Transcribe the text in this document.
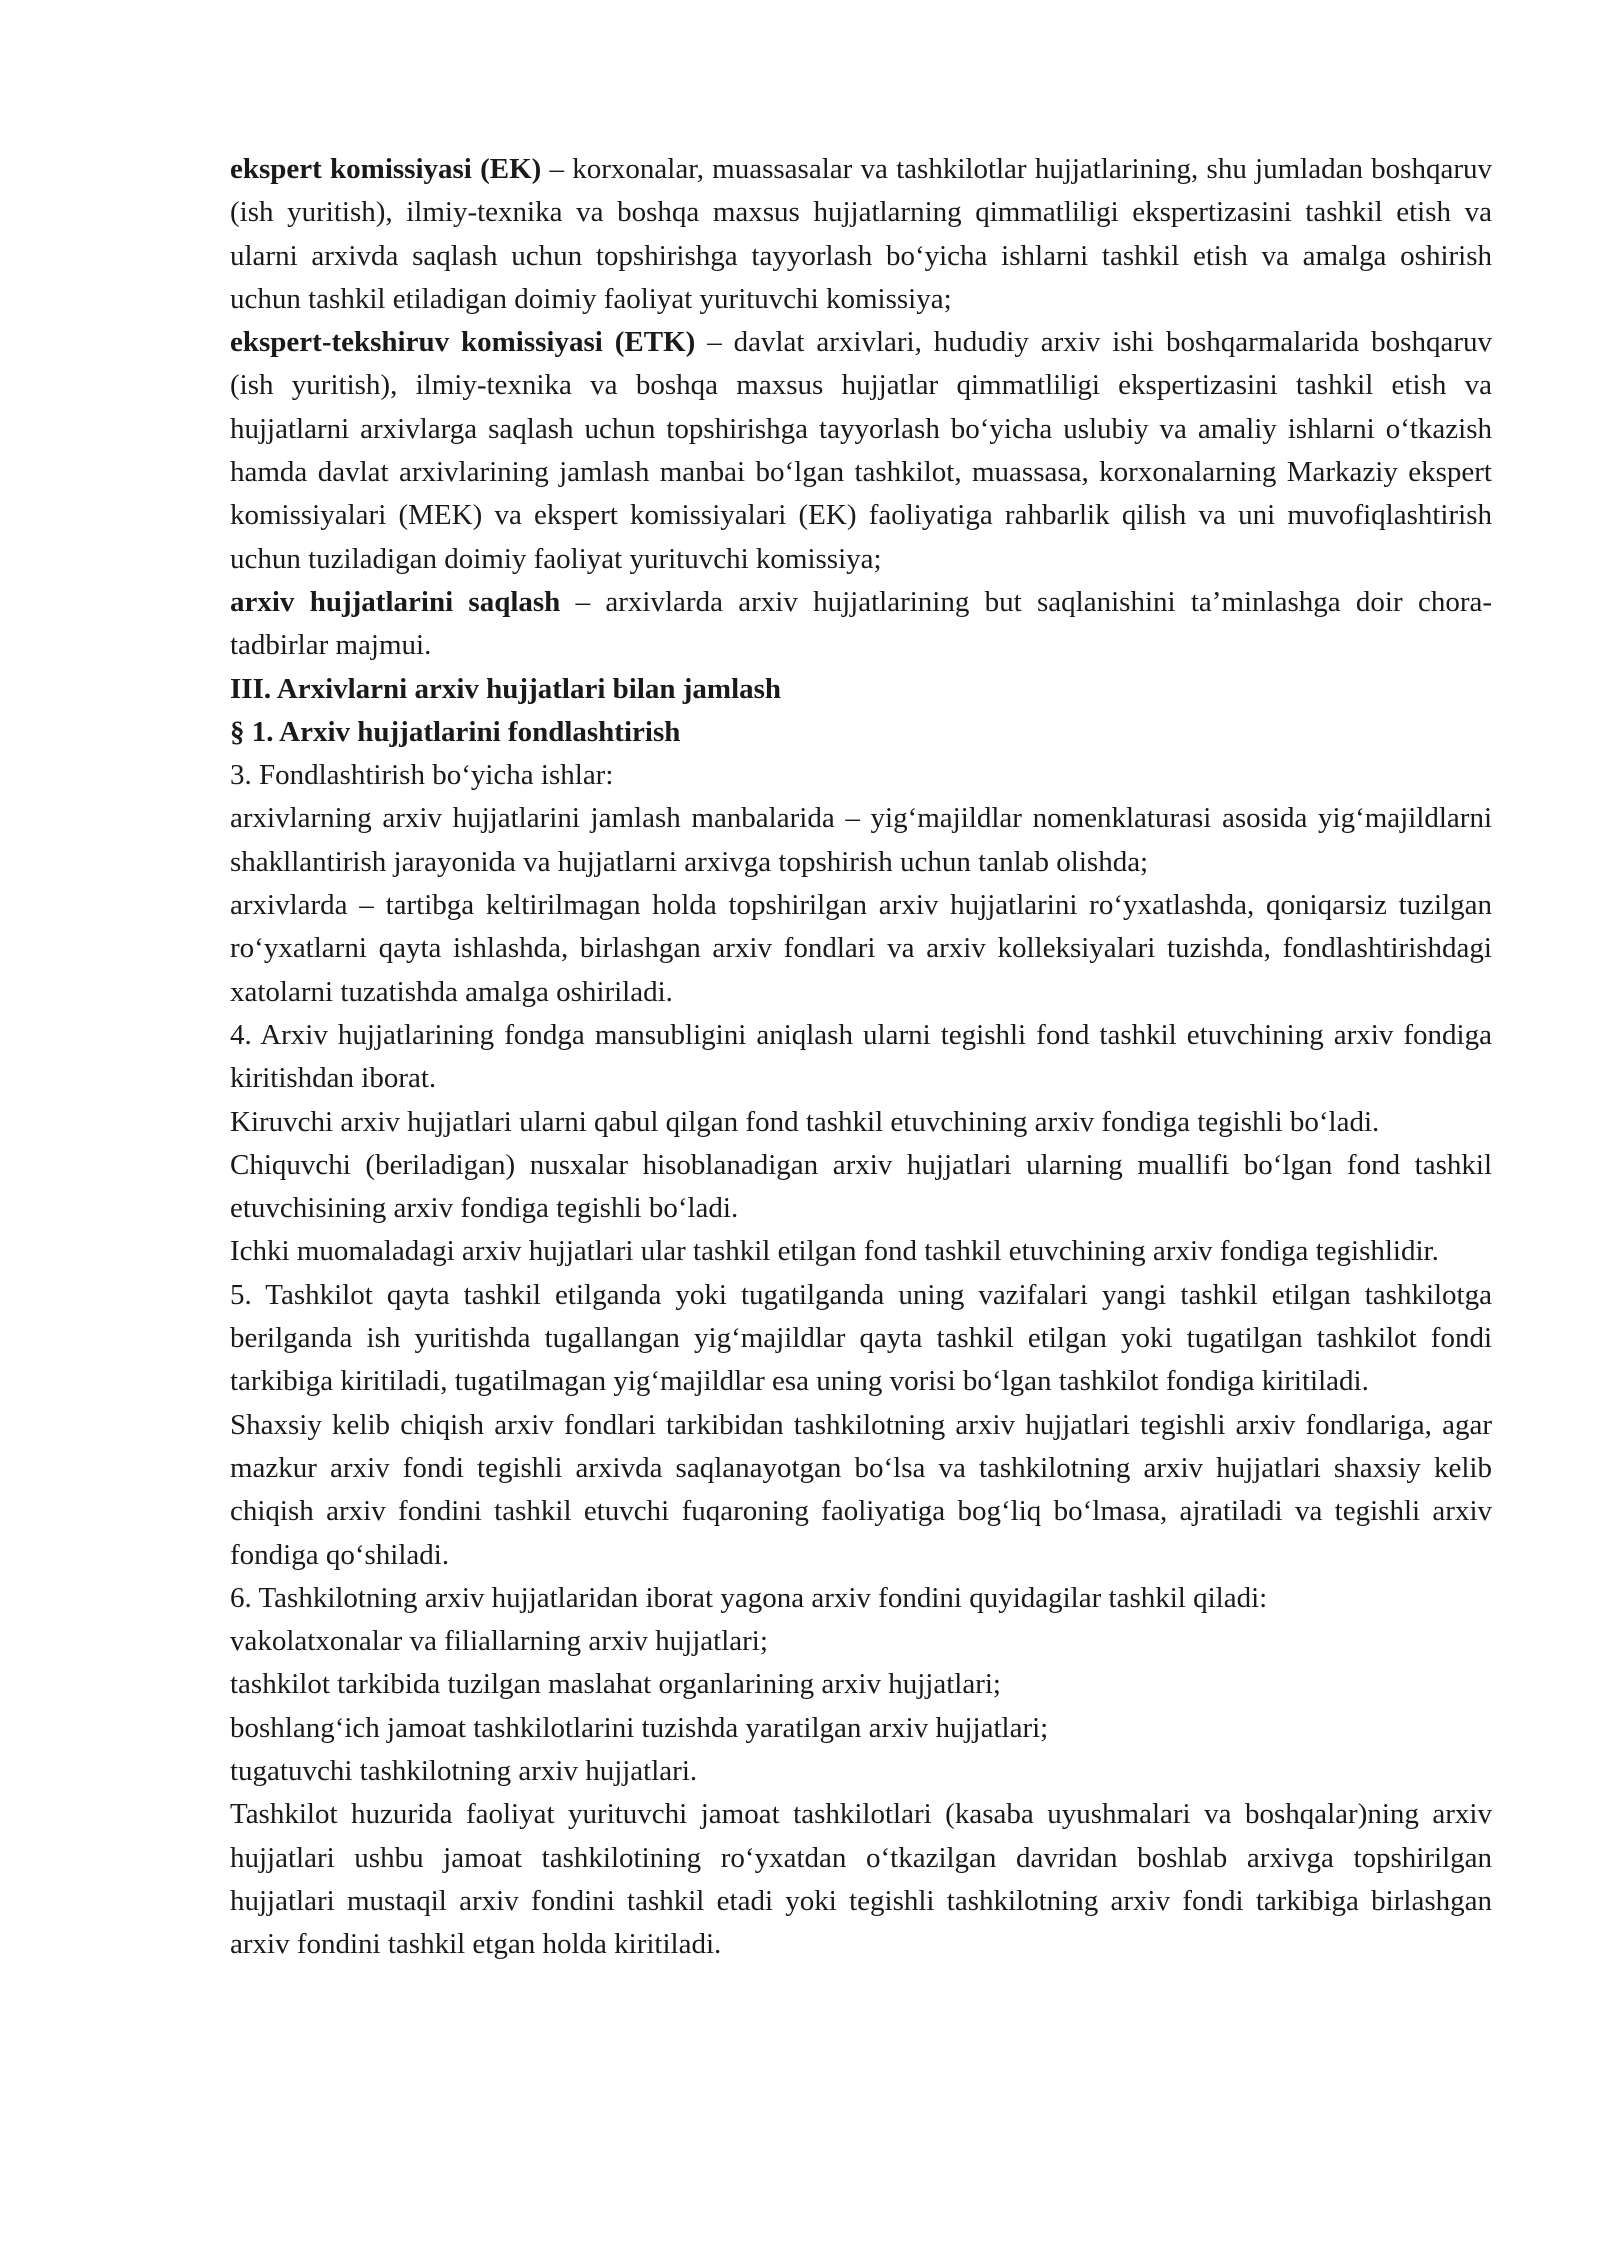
ekspert komissiyasi (EK) – korxonalar, muassasalar va tashkilotlar hujjatlarining, shu jumladan boshqaruv (ish yuritish), ilmiy-texnika va boshqa maxsus hujjatlarning qimmatliligi ekspertizasini tashkil etish va ularni arxivda saqlash uchun topshirishga tayyorlash bo‘yicha ishlarni tashkil etish va amalga oshirish uchun tashkil etiladigan doimiy faoliyat yurituvchi komissiya;

ekspert-tekshiruv komissiyasi (ETK) – davlat arxivlari, hududiy arxiv ishi boshqarmalarida boshqaruv (ish yuritish), ilmiy-texnika va boshqa maxsus hujjatlar qimmatliligi ekspertizasini tashkil etish va hujjatlarni arxivlarga saqlash uchun topshirishga tayyorlash bo‘yicha uslubiy va amaliy ishlarni o‘tkazish hamda davlat arxivlarining jamlash manbai bo‘lgan tashkilot, muassasa, korxonalarning Markaziy ekspert komissiyalari (MEK) va ekspert komissiyalari (EK) faoliyatiga rahbarlik qilish va uni muvofiqlashtirish uchun tuziladigan doimiy faoliyat yurituvchi komissiya;

arxiv hujjatlarini saqlash – arxivlarda arxiv hujjatlarining but saqlanishini ta’minlashga doir chora-tadbirlar majmui.

III. Arxivlarni arxiv hujjatlari bilan jamlash

§ 1. Arxiv hujjatlarini fondlashtirish

3. Fondlashtirish bo‘yicha ishlar:

arxivlarning arxiv hujjatlarini jamlash manbalarida – yig‘majildlar nomenklaturasi asosida yig‘majildlarni shakllantirish jarayonida va hujjatlarni arxivga topshirish uchun tanlab olishda;

arxivlarda – tartibga keltirilmagan holda topshirilgan arxiv hujjatlarini ro‘yxatlashda, qoniqarsiz tuzilgan ro‘yxatlarni qayta ishlashda, birlashgan arxiv fondlari va arxiv kolleksiyalari tuzishda, fondlashtirishdagi xatolarni tuzatishda amalga oshiriladi.

4. Arxiv hujjatlarining fondga mansubligini aniqlash ularni tegishli fond tashkil etuvchining arxiv fondiga kiritishdan iborat.

Kiruvchi arxiv hujjatlari ularni qabul qilgan fond tashkil etuvchining arxiv fondiga tegishli bo‘ladi.

Chiquvchi (beriladigan) nusxalar hisoblanadigan arxiv hujjatlari ularning muallifi bo‘lgan fond tashkil etuvchisining arxiv fondiga tegishli bo‘ladi.

Ichki muomaladagi arxiv hujjatlari ular tashkil etilgan fond tashkil etuvchining arxiv fondiga tegishlidir.

5. Tashkilot qayta tashkil etilganda yoki tugatilganda uning vazifalari yangi tashkil etilgan tashkilotga berilganda ish yuritishda tugallangan yig‘majildlar qayta tashkil etilgan yoki tugatilgan tashkilot fondi tarkibiga kiritiladi, tugatilmagan yig‘majildlar esa uning vorisi bo‘lgan tashkilot fondiga kiritiladi.

Shaxsiy kelib chiqish arxiv fondlari tarkibidan tashkilotning arxiv hujjatlari tegishli arxiv fondlariga, agar mazkur arxiv fondi tegishli arxivda saqlanayotgan bo‘lsa va tashkilotning arxiv hujjatlari shaxsiy kelib chiqish arxiv fondini tashkil etuvchi fuqaroning faoliyatiga bog‘liq bo‘lmasa, ajratiladi va tegishli arxiv fondiga qo‘shiladi.

6. Tashkilotning arxiv hujjatlaridan iborat yagona arxiv fondini quyidagilar tashkil qiladi:

vakolatxonalar va filiallarning arxiv hujjatlari;

tashkilot tarkibida tuzilgan maslahat organlarining arxiv hujjatlari;

boshlang‘ich jamoat tashkilotlarini tuzishda yaratilgan arxiv hujjatlari;

tugatuvchi tashkilotning arxiv hujjatlari.

Tashkilot huzurida faoliyat yurituvchi jamoat tashkilotlari (kasaba uyushmalari va boshqalar)ning arxiv hujjatlari ushbu jamoat tashkilotining ro‘yxatdan o‘tkazilgan davridan boshlab arxivga topshirilgan hujjatlari mustaqil arxiv fondini tashkil etadi yoki tegishli tashkilotning arxiv fondi tarkibiga birlashgan arxiv fondini tashkil etgan holda kiritiladi.
